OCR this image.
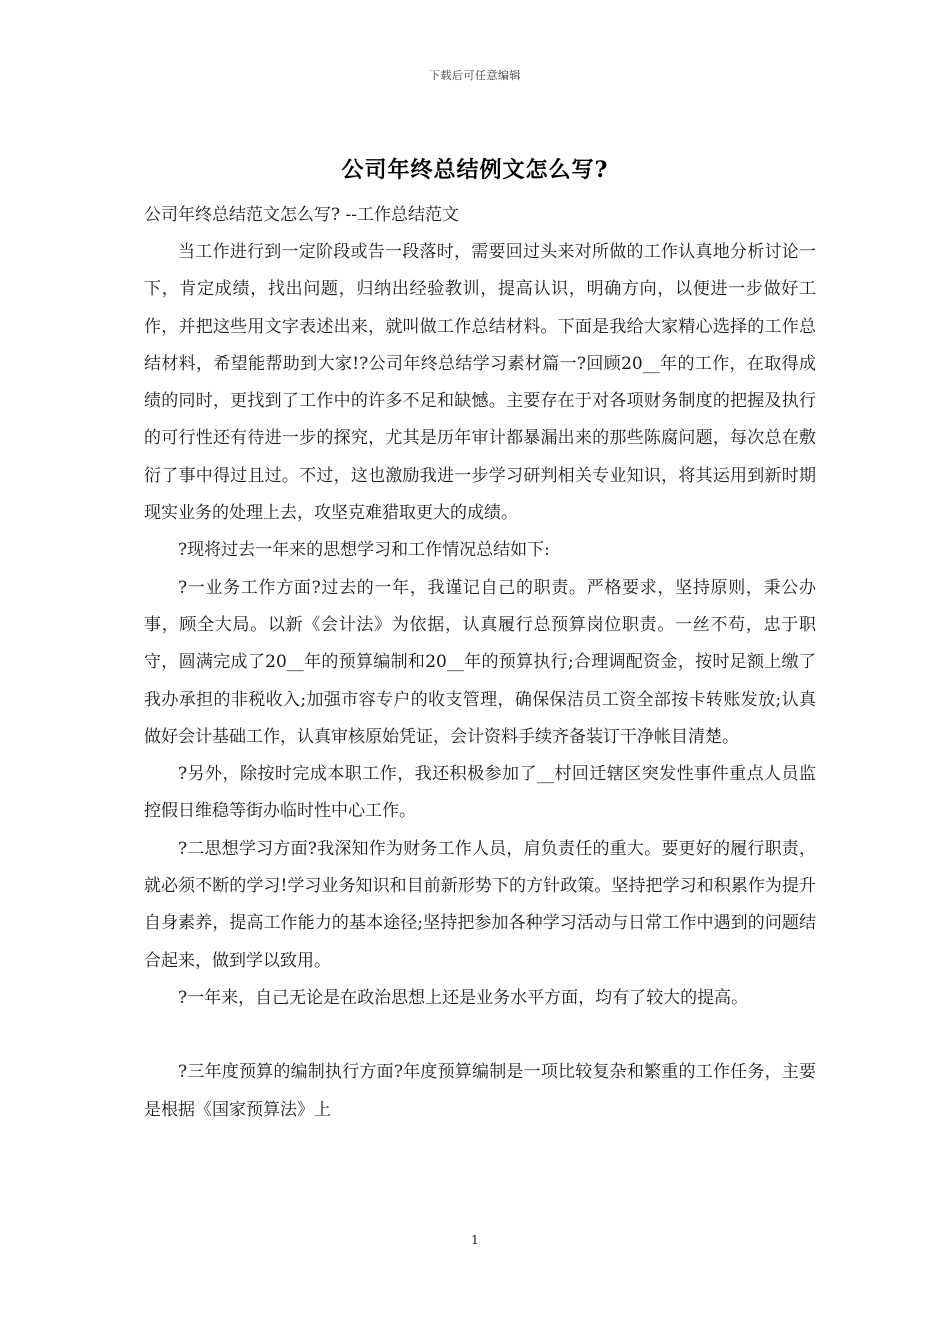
下载后可任意编辑
公司年终总结例文怎么写?

公司年终总结范文怎么写? --工作总结范文

当工作进行到一定阶段或告一段落时，需要回过头来对所做的工作认真地分析讨论一下，肯定成绩，找出问题，归纳出经验教训，提高认识，明确方向，以便进一步做好工作，并把这些用文字表述出来，就叫做工作总结材料。下面是我给大家精心选择的工作总结材料，希望能帮助到大家!?公司年终总结学习素材篇一?回顾20__年的工作，在取得成绩的同时，更找到了工作中的许多不足和缺憾。主要存在于对各项财务制度的把握及执行的可行性还有待进一步的探究，尤其是历年审计都暴漏出来的那些陈腐问题，每次总在敷衍了事中得过且过。不过，这也激励我进一步学习研判相关专业知识，将其运用到新时期现实业务的处理上去，攻坚克难猎取更大的成绩。

?现将过去一年来的思想学习和工作情况总结如下:

?一业务工作方面?过去的一年，我谨记自己的职责。严格要求，坚持原则，秉公办事，顾全大局。以新《会计法》为依据，认真履行总预算岗位职责。一丝不苟，忠于职守，圆满完成了20__年的预算编制和20__年的预算执行;合理调配资金，按时足额上缴了我办承担的非税收入;加强市容专户的收支管理，确保保洁员工资全部按卡转账发放;认真做好会计基础工作，认真审核原始凭证，会计资料手续齐备装订干净帐目清楚。

?另外，除按时完成本职工作，我还积极参加了__村回迁辖区突发性事件重点人员监控假日维稳等街办临时性中心工作。

?二思想学习方面?我深知作为财务工作人员，肩负责任的重大。要更好的履行职责，就必须不断的学习!学习业务知识和目前新形势下的方针政策。坚持把学习和积累作为提升自身素养，提高工作能力的基本途径;坚持把参加各种学习活动与日常工作中遇到的问题结合起来，做到学以致用。

?一年来，自己无论是在政治思想上还是业务水平方面，均有了较大的提高。

?三年度预算的编制执行方面?年度预算编制是一项比较复杂和繁重的工作任务，主要是根据《国家预算法》上

1
